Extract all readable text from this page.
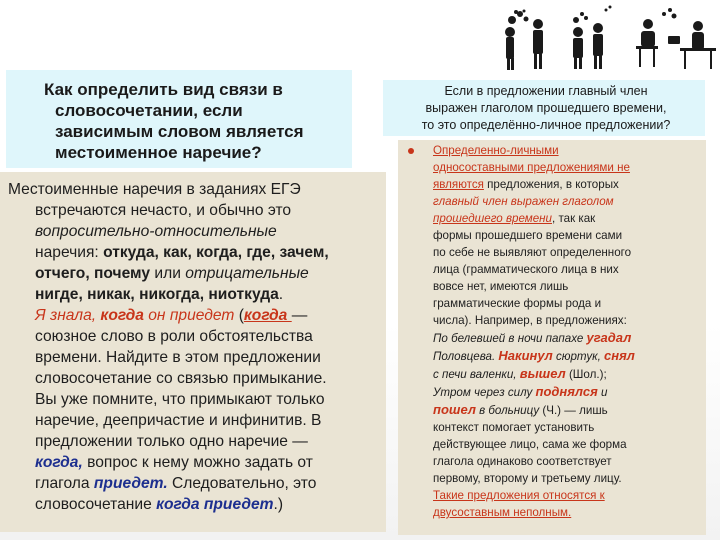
Как определить вид связи в
словосочетании, если
зависимым словом является
местоименное наречие?
Если в предложении главный член
выражен глаголом прошедшего времени,
то это определённо-личное предложении?
Местоименные наречия в заданиях ЕГЭ
встречаются нечасто, и обычно это
вопросительно-относительные
наречия: откуда, как, когда, где, зачем,
отчего, почему или отрицательные
нигде, никак, никогда, ниоткуда.
Я знала, когда он приедет (когда —
союзное слово в роли обстоятельства
времени. Найдите в этом предложении
словосочетание со связью примыкание.
Вы уже помните, что примыкают только
наречие, деепричастие и инфинитив. В
предложении только одно наречие —
когда, вопрос к нему можно задать от
глагола приедет. Следовательно, это
словосочетание когда приедет.)
Определенно-личными
односоставными предложениями не
являются предложения, в которых
главный член выражен глаголом
прошедшего времени, так как
формы прошедшего времени сами
по себе не выявляют определенного
лица (грамматического лица в них
вовсе нет, имеются лишь
грамматические формы рода и
числа). Например, в предложениях:
По белевшей в ночи папахе угадал
Половцева. Накинул сюртук, снял
с печи валенки, вышел (Шол.);
Утром через силу поднялся и
пошел в больницу (Ч.) — лишь
контекст помогает установить
действующее лицо, сама же форма
глагола одинаково соответствует
первому, второму и третьему лицу.
Такие предложения относятся к
двусоставным неполным.
